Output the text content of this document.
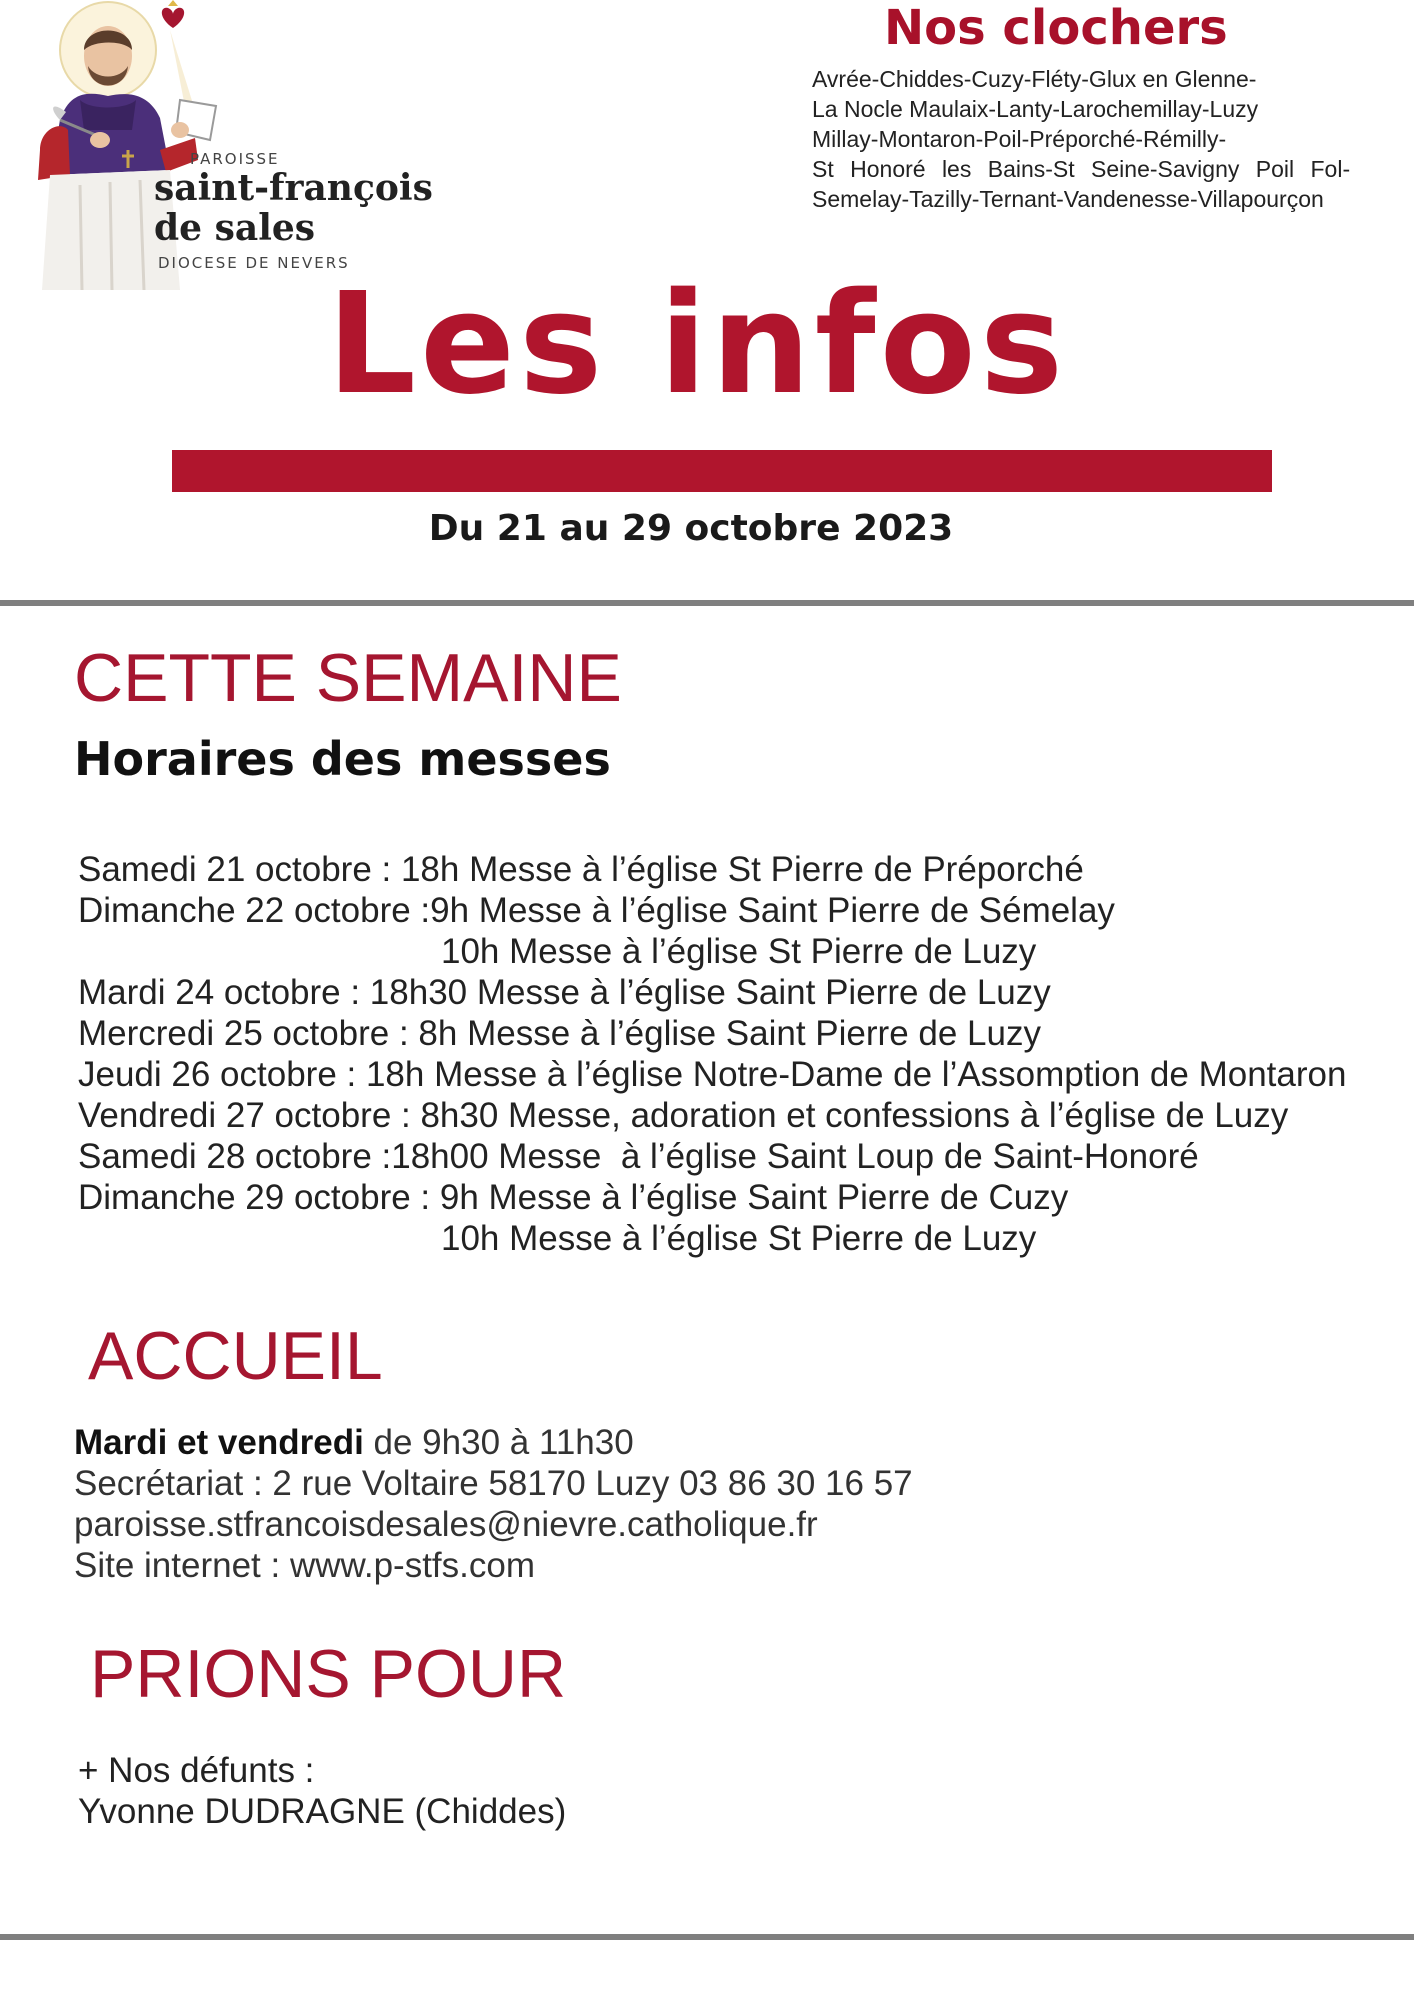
PAROISSE
saint-françois
de sales
DIOCESE DE NEVERS
Nos clochers
Avrée-Chiddes-Cuzy-Fléty-Glux en Glenne-
La Nocle Maulaix-Lanty-Larochemillay-Luzy
Millay-Montaron-Poil-Préporché-Rémilly-
St Honoré les Bains-St Seine-Savigny Poil Fol-
Semelay-Tazilly-Ternant-Vandenesse-Villapourçon
Les infos
Du 21 au 29 octobre 2023
CETTE SEMAINE
Horaires des messes
Samedi 21 octobre : 18h Messe à l’église St Pierre de Préporché
Dimanche 22 octobre :9h Messe à l’église Saint Pierre de Sémelay
10h Messe à l’église St Pierre de Luzy
Mardi 24 octobre : 18h30 Messe à l’église Saint Pierre de Luzy
Mercredi 25 octobre : 8h Messe à l’église Saint Pierre de Luzy
Jeudi 26 octobre : 18h Messe à l’église Notre-Dame de l’Assomption de Montaron
Vendredi 27 octobre : 8h30 Messe, adoration et confessions à l’église de Luzy
Samedi 28 octobre :18h00 Messe  à l’église Saint Loup de Saint-Honoré
Dimanche 29 octobre : 9h Messe à l’église Saint Pierre de Cuzy
10h Messe à l’église St Pierre de Luzy
ACCUEIL
Mardi et vendredi de 9h30 à 11h30
Secrétariat : 2 rue Voltaire 58170 Luzy 03 86 30 16 57
paroisse.stfrancoisdesales@nievre.catholique.fr
Site internet : www.p-stfs.com
PRIONS POUR
+ Nos défunts :
Yvonne DUDRAGNE (Chiddes)
